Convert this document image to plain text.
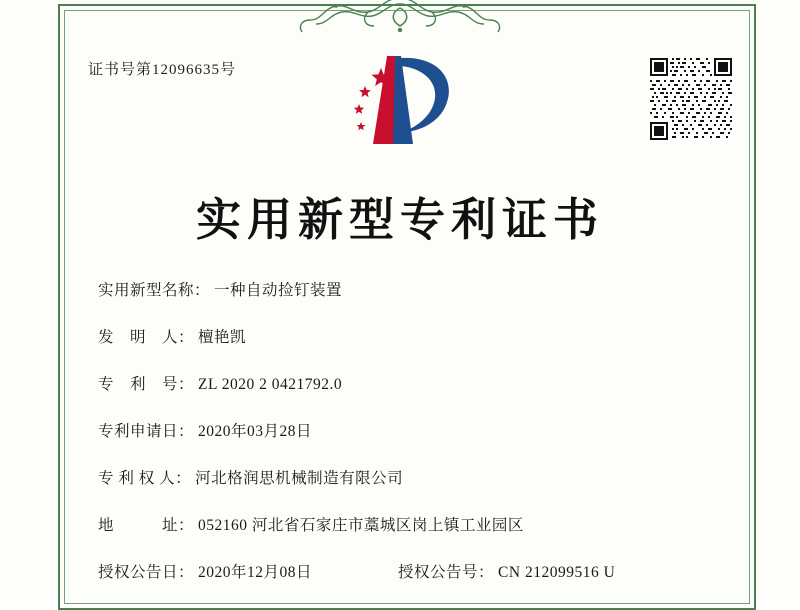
证书号第12096635号
实用新型专利证书
实用新型名称： 一种自动捡钉装置
发　明　人： 檀艳凯
专　利　号： ZL 2020 2 0421792.0
专利申请日： 2020年03月28日
专 利 权 人： 河北格润思机械制造有限公司
地　　　址： 052160 河北省石家庄市藁城区岗上镇工业园区
授权公告日： 2020年12月08日	授权公告号： CN 212099516 U
